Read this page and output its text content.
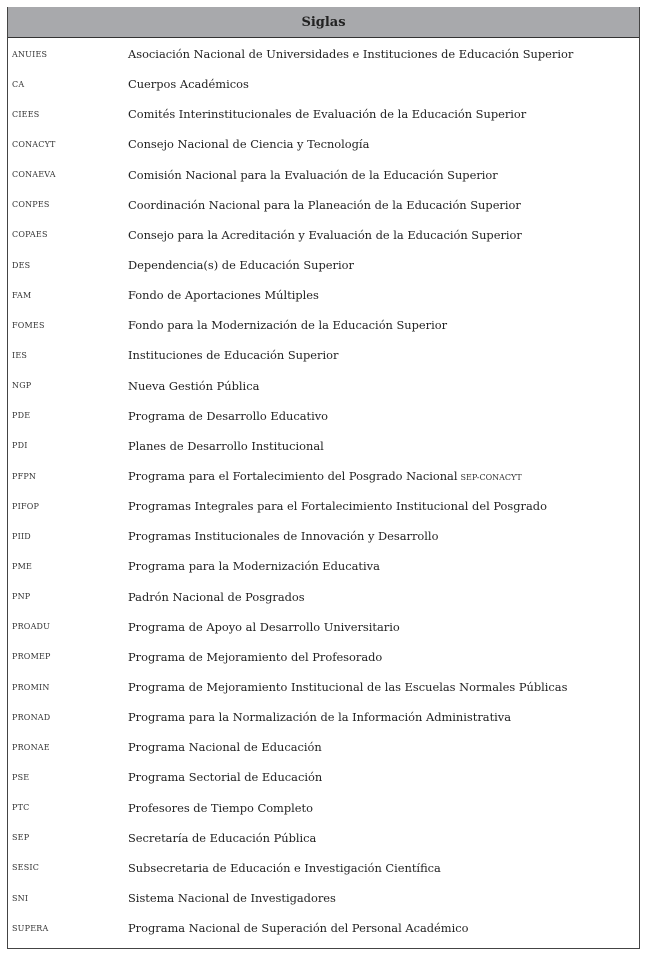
Siglas
ANUIES	Asociación Nacional de Universidades e Instituciones de Educación Superior
CA	Cuerpos Académicos
CIEES	Comités Interinstitucionales de Evaluación de la Educación Superior
CONACYT	Consejo Nacional de Ciencia y Tecnología
CONAEVA	Comisión Nacional para la Evaluación de la Educación Superior
CONPES	Coordinación Nacional para la Planeación de la Educación Superior
COPAES	Consejo para la Acreditación y Evaluación de la Educación Superior
DES	Dependencia(s) de Educación Superior
FAM	Fondo de Aportaciones Múltiples
FOMES	Fondo para la Modernización de la Educación Superior
IES	Instituciones de Educación Superior
NGP	Nueva Gestión Pública
PDE	Programa de Desarrollo Educativo
PDI	Planes de Desarrollo Institucional
PFPN	Programa para el Fortalecimiento del Posgrado Nacional SEP-CONACYT
PIFOP	Programas Integrales para el Fortalecimiento Institucional del Posgrado
PIID	Programas Institucionales de Innovación y Desarrollo
PME	Programa para la Modernización Educativa
PNP	Padrón Nacional de Posgrados
PROADU	Programa de Apoyo al Desarrollo Universitario
PROMEP	Programa de Mejoramiento del Profesorado
PROMIN	Programa de Mejoramiento Institucional de las Escuelas Normales Públicas
PRONAD	Programa para la Normalización de la Información Administrativa
PRONAE	Programa Nacional de Educación
PSE	Programa Sectorial de Educación
PTC	Profesores de Tiempo Completo
SEP	Secretaría de Educación Pública
SESIC	Subsecretaria de Educación e Investigación Científica
SNI	Sistema Nacional de Investigadores
SUPERA	Programa Nacional de Superación del Personal Académico
